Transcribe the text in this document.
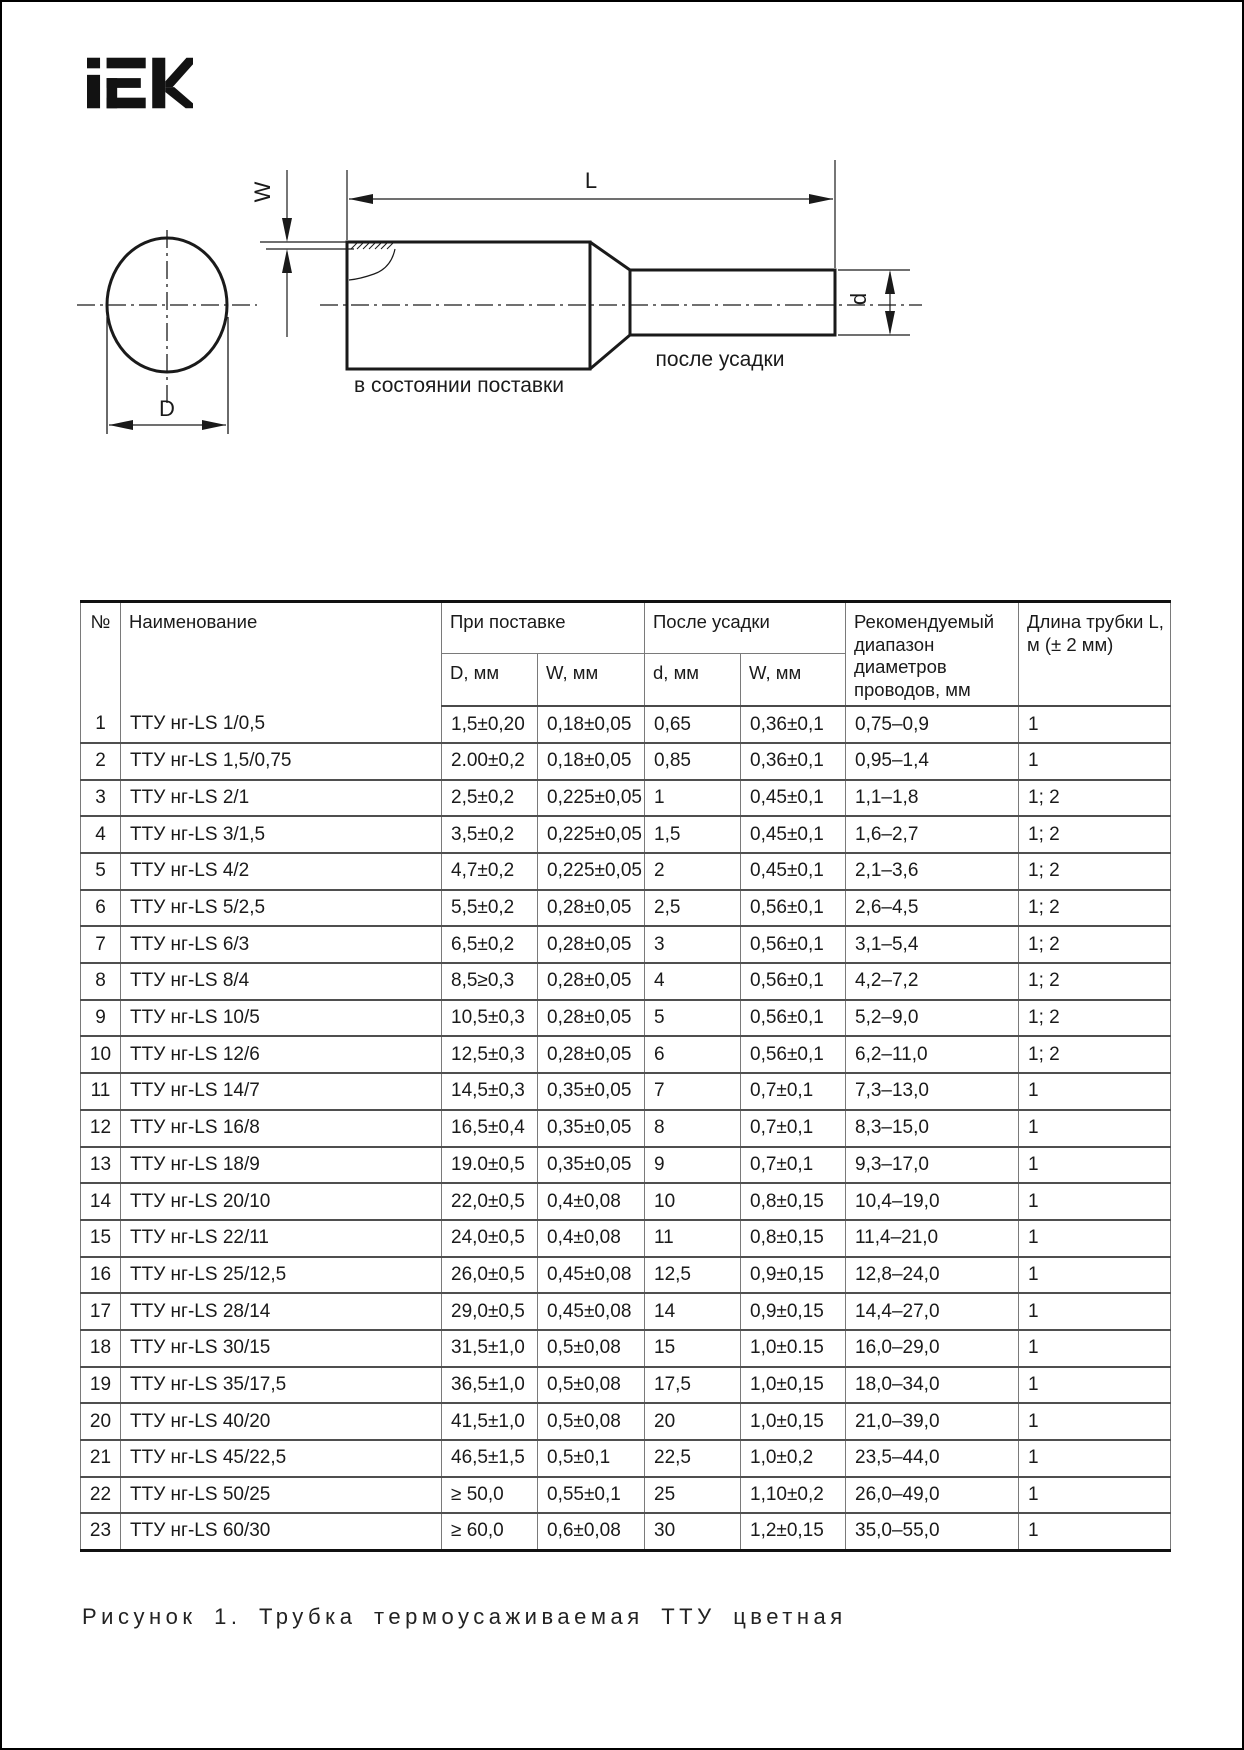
W	L
D
d
в состоянии поставки
после усадки
№	Наименование	При поставке		После усадки		Рекомендуемый диапазон диаметров проводов, мм	Длина трубки L, м (± 2 мм)
		D, мм	W, мм	d, мм	W, мм		
1	ТТУ нг-LS 1/0,5	1,5±0,20	0,18±0,05	0,65	0,36±0,1	0,75–0,9	1
2	ТТУ нг-LS 1,5/0,75	2.00±0,2	0,18±0,05	0,85	0,36±0,1	0,95–1,4	1
3	ТТУ нг-LS 2/1	2,5±0,2	0,225±0,05	1	0,45±0,1	1,1–1,8	1; 2
4	ТТУ нг-LS 3/1,5	3,5±0,2	0,225±0,05	1,5	0,45±0,1	1,6–2,7	1; 2
5	ТТУ нг-LS 4/2	4,7±0,2	0,225±0,05	2	0,45±0,1	2,1–3,6	1; 2
6	ТТУ нг-LS 5/2,5	5,5±0,2	0,28±0,05	2,5	0,56±0,1	2,6–4,5	1; 2
7	ТТУ нг-LS 6/3	6,5±0,2	0,28±0,05	3	0,56±0,1	3,1–5,4	1; 2
8	ТТУ нг-LS 8/4	8,5≥0,3	0,28±0,05	4	0,56±0,1	4,2–7,2	1; 2
9	ТТУ нг-LS 10/5	10,5±0,3	0,28±0,05	5	0,56±0,1	5,2–9,0	1; 2
10	ТТУ нг-LS 12/6	12,5±0,3	0,28±0,05	6	0,56±0,1	6,2–11,0	1; 2
11	ТТУ нг-LS 14/7	14,5±0,3	0,35±0,05	7	0,7±0,1	7,3–13,0	1
12	ТТУ нг-LS 16/8	16,5±0,4	0,35±0,05	8	0,7±0,1	8,3–15,0	1
13	ТТУ нг-LS 18/9	19.0±0,5	0,35±0,05	9	0,7±0,1	9,3–17,0	1
14	ТТУ нг-LS 20/10	22,0±0,5	0,4±0,08	10	0,8±0,15	10,4–19,0	1
15	ТТУ нг-LS 22/11	24,0±0,5	0,4±0,08	11	0,8±0,15	11,4–21,0	1
16	ТТУ нг-LS 25/12,5	26,0±0,5	0,45±0,08	12,5	0,9±0,15	12,8–24,0	1
17	ТТУ нг-LS 28/14	29,0±0,5	0,45±0,08	14	0,9±0,15	14,4–27,0	1
18	ТТУ нг-LS 30/15	31,5±1,0	0,5±0,08	15	1,0±0.15	16,0–29,0	1
19	ТТУ нг-LS 35/17,5	36,5±1,0	0,5±0,08	17,5	1,0±0,15	18,0–34,0	1
20	ТТУ нг-LS 40/20	41,5±1,0	0,5±0,08	20	1,0±0,15	21,0–39,0	1
21	ТТУ нг-LS 45/22,5	46,5±1,5	0,5±0,1	22,5	1,0±0,2	23,5–44,0	1
22	ТТУ нг-LS 50/25	≥ 50,0	0,55±0,1	25	1,10±0,2	26,0–49,0	1
23	ТТУ нг-LS 60/30	≥ 60,0	0,6±0,08	30	1,2±0,15	35,0–55,0	1
Рисунок 1. Трубка термоусаживаемая ТТУ цветная
